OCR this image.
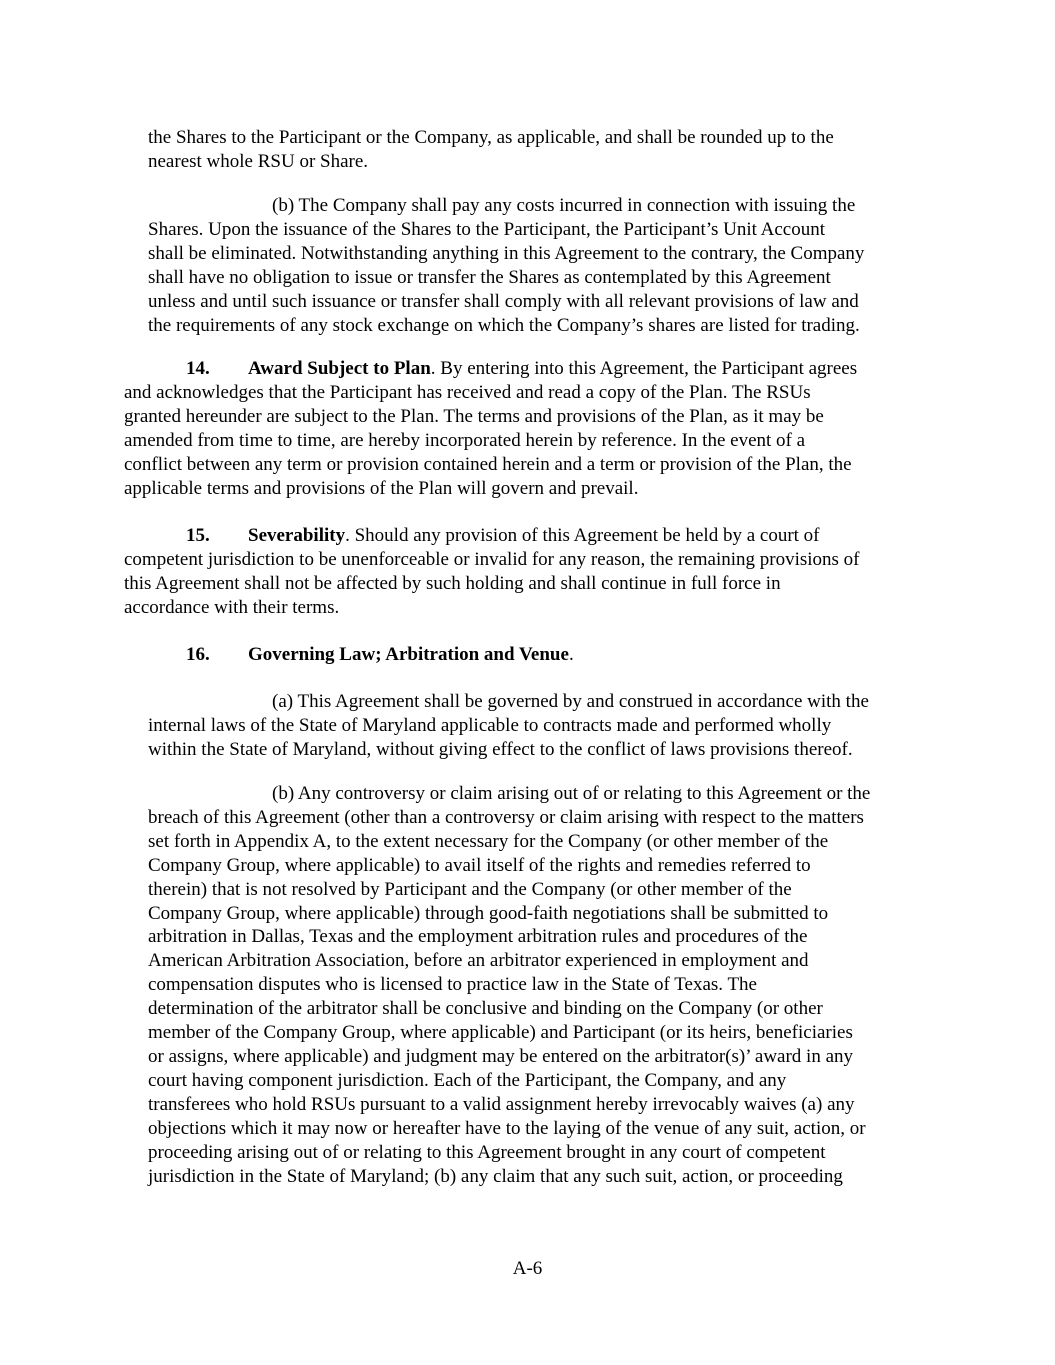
the Shares to the Participant or the Company, as applicable, and shall be rounded up to the
nearest whole RSU or Share.
(b) The Company shall pay any costs incurred in connection with issuing the
Shares. Upon the issuance of the Shares to the Participant, the Participant’s Unit Account
shall be eliminated. Notwithstanding anything in this Agreement to the contrary, the Company
shall have no obligation to issue or transfer the Shares as contemplated by this Agreement
unless and until such issuance or transfer shall comply with all relevant provisions of law and
the requirements of any stock exchange on which the Company’s shares are listed for trading.
14. Award Subject to Plan. By entering into this Agreement, the Participant agrees
and acknowledges that the Participant has received and read a copy of the Plan. The RSUs
granted hereunder are subject to the Plan. The terms and provisions of the Plan, as it may be
amended from time to time, are hereby incorporated herein by reference. In the event of a
conflict between any term or provision contained herein and a term or provision of the Plan, the
applicable terms and provisions of the Plan will govern and prevail.
15. Severability. Should any provision of this Agreement be held by a court of
competent jurisdiction to be unenforceable or invalid for any reason, the remaining provisions of
this Agreement shall not be affected by such holding and shall continue in full force in
accordance with their terms.
16. Governing Law; Arbitration and Venue.
(a) This Agreement shall be governed by and construed in accordance with the
internal laws of the State of Maryland applicable to contracts made and performed wholly
within the State of Maryland, without giving effect to the conflict of laws provisions thereof.
(b) Any controversy or claim arising out of or relating to this Agreement or the
breach of this Agreement (other than a controversy or claim arising with respect to the matters
set forth in Appendix A, to the extent necessary for the Company (or other member of the
Company Group, where applicable) to avail itself of the rights and remedies referred to
therein) that is not resolved by Participant and the Company (or other member of the
Company Group, where applicable) through good-faith negotiations shall be submitted to
arbitration in Dallas, Texas and the employment arbitration rules and procedures of the
American Arbitration Association, before an arbitrator experienced in employment and
compensation disputes who is licensed to practice law in the State of Texas. The
determination of the arbitrator shall be conclusive and binding on the Company (or other
member of the Company Group, where applicable) and Participant (or its heirs, beneficiaries
or assigns, where applicable) and judgment may be entered on the arbitrator(s)’ award in any
court having component jurisdiction. Each of the Participant, the Company, and any
transferees who hold RSUs pursuant to a valid assignment hereby irrevocably waives (a) any
objections which it may now or hereafter have to the laying of the venue of any suit, action, or
proceeding arising out of or relating to this Agreement brought in any court of competent
jurisdiction in the State of Maryland; (b) any claim that any such suit, action, or proceeding
A-6
